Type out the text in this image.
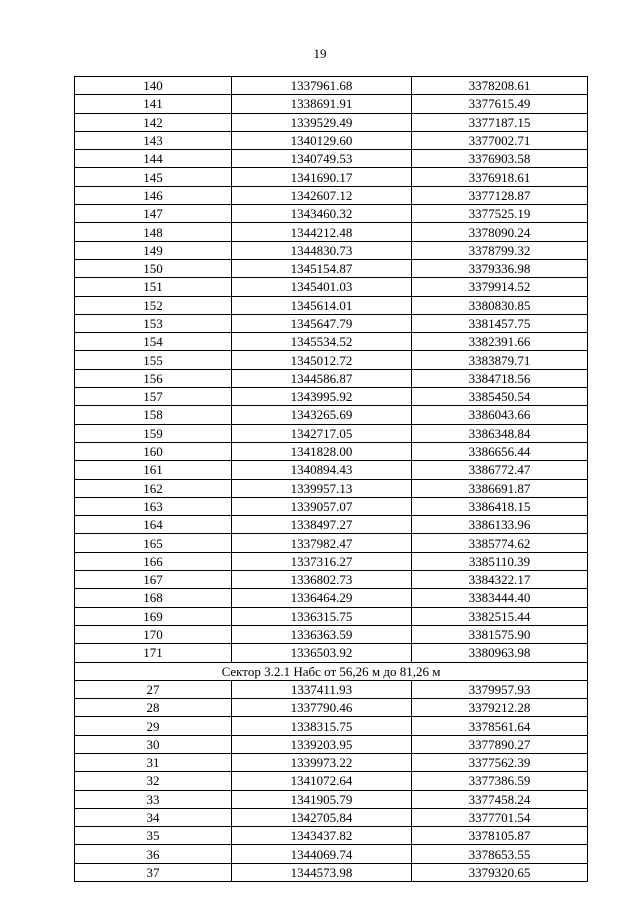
19
140	1337961.68	3378208.61
141	1338691.91	3377615.49
142	1339529.49	3377187.15
143	1340129.60	3377002.71
144	1340749.53	3376903.58
145	1341690.17	3376918.61
146	1342607.12	3377128.87
147	1343460.32	3377525.19
148	1344212.48	3378090.24
149	1344830.73	3378799.32
150	1345154.87	3379336.98
151	1345401.03	3379914.52
152	1345614.01	3380830.85
153	1345647.79	3381457.75
154	1345534.52	3382391.66
155	1345012.72	3383879.71
156	1344586.87	3384718.56
157	1343995.92	3385450.54
158	1343265.69	3386043.66
159	1342717.05	3386348.84
160	1341828.00	3386656.44
161	1340894.43	3386772.47
162	1339957.13	3386691.87
163	1339057.07	3386418.15
164	1338497.27	3386133.96
165	1337982.47	3385774.62
166	1337316.27	3385110.39
167	1336802.73	3384322.17
168	1336464.29	3383444.40
169	1336315.75	3382515.44
170	1336363.59	3381575.90
171	1336503.92	3380963.98
Сектор 3.2.1 Набс от 56,26 м до 81,26 м		
27	1337411.93	3379957.93
28	1337790.46	3379212.28
29	1338315.75	3378561.64
30	1339203.95	3377890.27
31	1339973.22	3377562.39
32	1341072.64	3377386.59
33	1341905.79	3377458.24
34	1342705.84	3377701.54
35	1343437.82	3378105.87
36	1344069.74	3378653.55
37	1344573.98	3379320.65
